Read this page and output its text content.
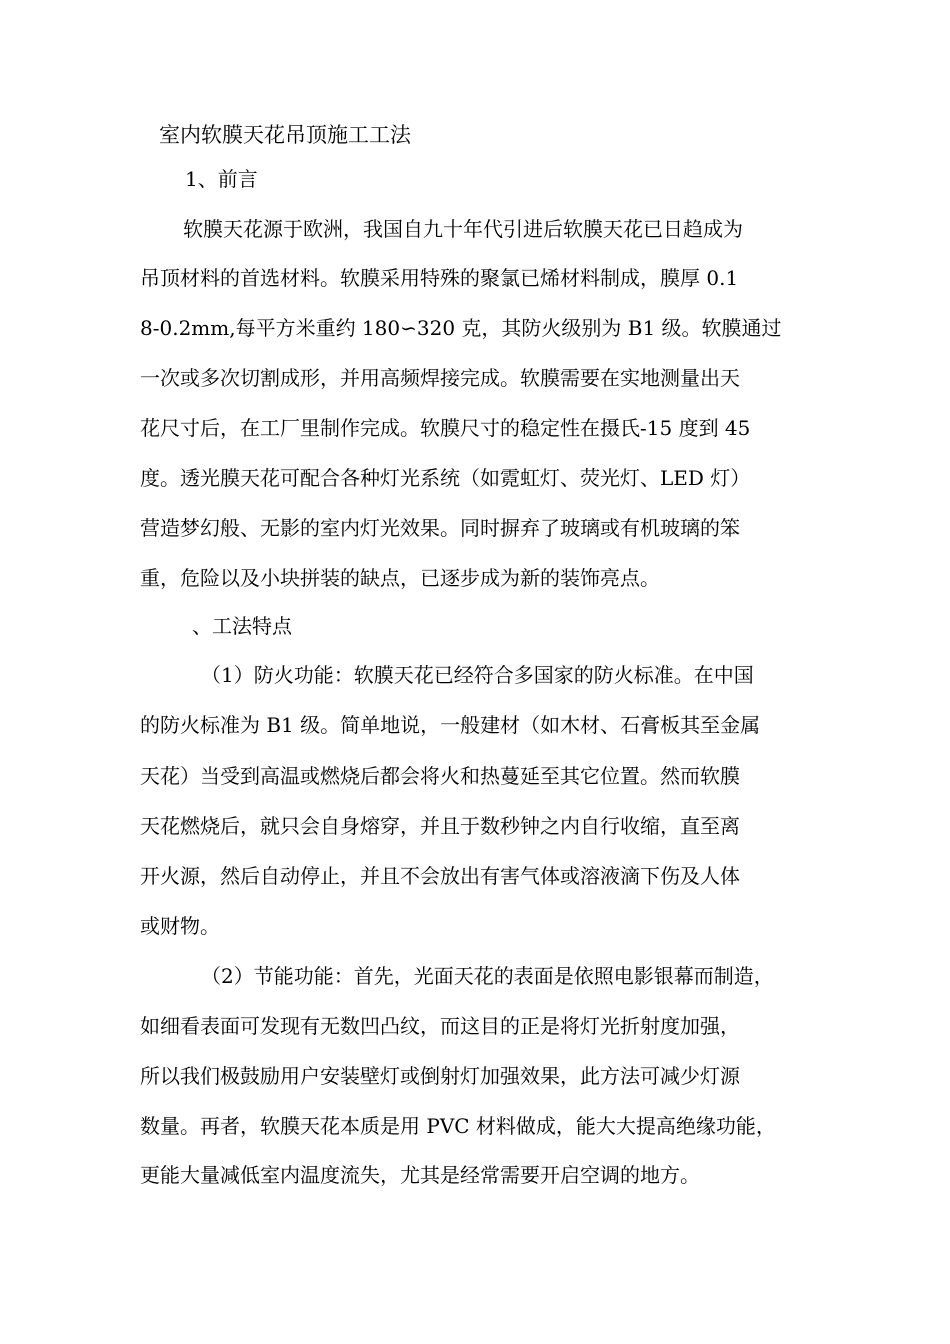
室内软膜天花吊顶施工工法
1、前言
软膜天花源于欧洲，我国自九十年代引进后软膜天花已日趋成为
吊顶材料的首选材料。软膜采用特殊的聚氯已烯材料制成，膜厚 0.1
8-0.2mm,每平方米重约 180∽320 克，其防火级别为 B1 级。软膜通过
一次或多次切割成形，并用高频焊接完成。软膜需要在实地测量出天
花尺寸后，在工厂里制作完成。软膜尺寸的稳定性在摄氏-15 度到 45
度。透光膜天花可配合各种灯光系统（如霓虹灯、荧光灯、LED 灯）
营造梦幻般、无影的室内灯光效果。同时摒弃了玻璃或有机玻璃的笨
重，危险以及小块拼装的缺点，已逐步成为新的装饰亮点。
、工法特点
（1）防火功能：软膜天花已经符合多国家的防火标准。在中国
的防火标准为 B1 级。简单地说，一般建材（如木材、石膏板其至金属
天花）当受到高温或燃烧后都会将火和热蔓延至其它位置。然而软膜
天花燃烧后，就只会自身熔穿，并且于数秒钟之内自行收缩，直至离
开火源，然后自动停止，并且不会放出有害气体或溶液滴下伤及人体
或财物。
（2）节能功能：首先，光面天花的表面是依照电影银幕而制造，
如细看表面可发现有无数凹凸纹，而这目的正是将灯光折射度加强，
所以我们极鼓励用户安装壁灯或倒射灯加强效果，此方法可减少灯源
数量。再者，软膜天花本质是用 PVC 材料做成，能大大提高绝缘功能，
更能大量减低室内温度流失，尤其是经常需要开启空调的地方。
